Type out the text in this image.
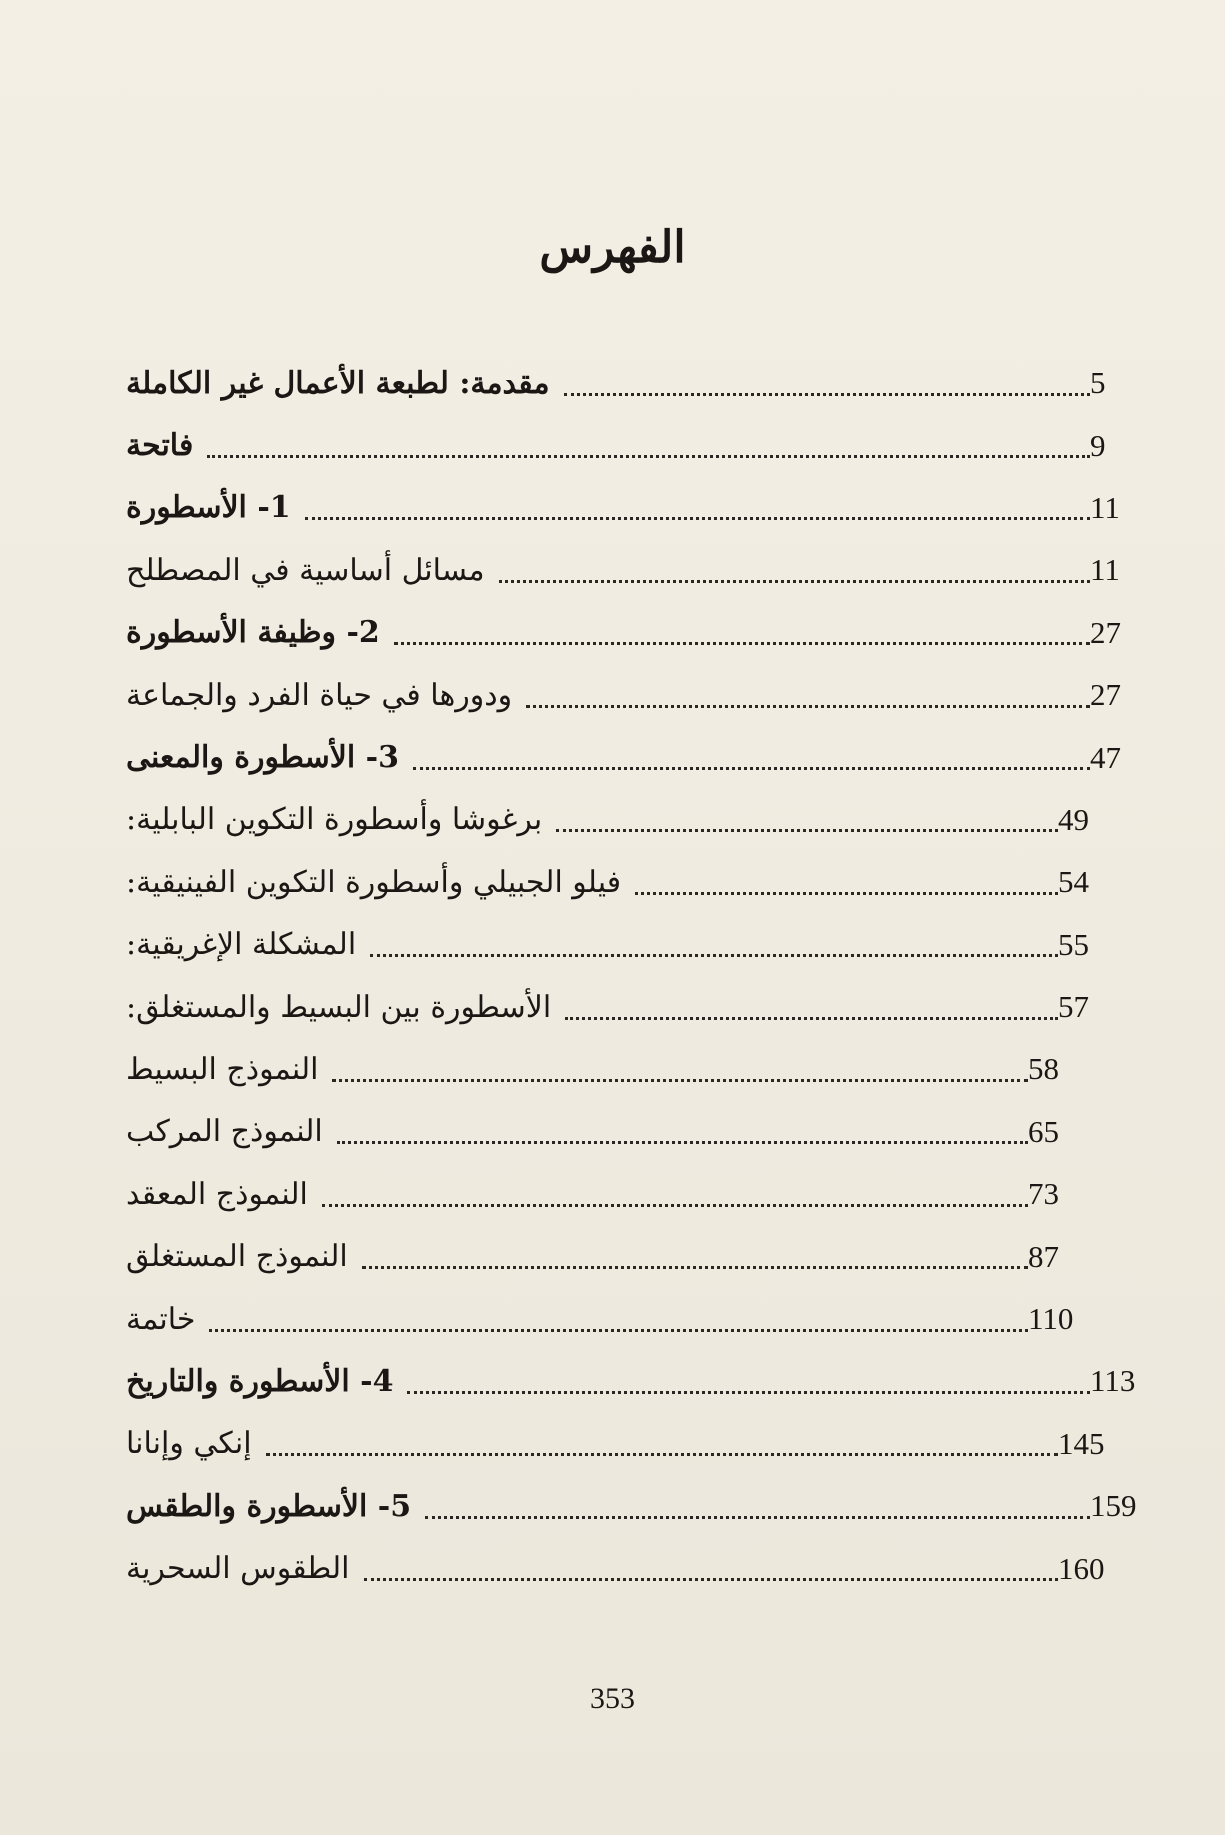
الفهرس
مقدمة: لطبعة الأعمال غير الكاملة	5
فاتحة	9
1- الأسطورة	11
مسائل أساسية في المصطلح	11
2- وظيفة الأسطورة	27
ودورها في حياة الفرد والجماعة	27
3- الأسطورة والمعنى	47
برغوشا وأسطورة التكوين البابلية:	49
فيلو الجبيلي وأسطورة التكوين الفينيقية:	54
المشكلة الإغريقية:	55
الأسطورة بين البسيط والمستغلق:	57
النموذج البسيط	58
النموذج المركب	65
النموذج المعقد	73
النموذج المستغلق	87
خاتمة	110
4- الأسطورة والتاريخ	113
إنكي وإنانا	145
5- الأسطورة والطقس	159
الطقوس السحرية	160
353
